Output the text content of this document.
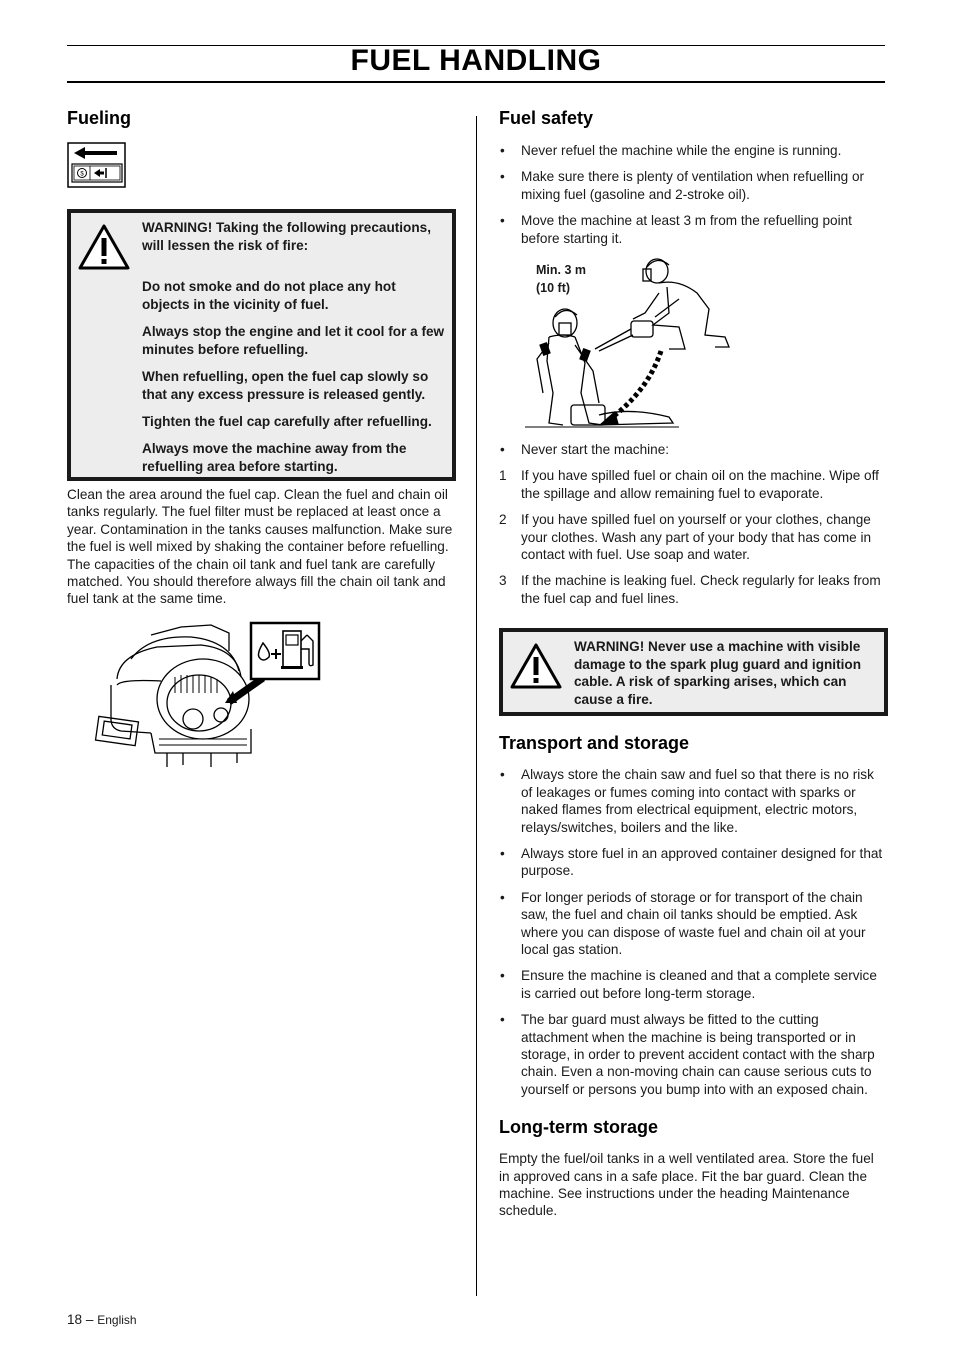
FUEL HANDLING
Fueling
$

WARNING! Taking the following precautions, will lessen the risk of fire:

Do not smoke and do not place any hot objects in the vicinity of fuel.

Always stop the engine and let it cool for a few minutes before refuelling.

When refuelling, open the fuel cap slowly so that any excess pressure is released gently.

Tighten the fuel cap carefully after refuelling.

Always move the machine away from the refuelling area before starting.

Clean the area around the fuel cap. Clean the fuel and chain oil tanks regularly. The fuel filter must be replaced at least once a year. Contamination in the tanks causes malfunction. Make sure the fuel is well mixed by shaking the container before refuelling. The capacities of the chain oil tank and fuel tank are carefully matched. You should therefore always fill the chain oil tank and fuel tank at the same time.

Fuel safety
• Never refuel the machine while the engine is running.
• Make sure there is plenty of ventilation when refuelling or mixing fuel (gasoline and 2-stroke oil).
• Move the machine at least 3 m from the refuelling point before starting it.
Min. 3 m
(10 ft)
• Never start the machine:
1 If you have spilled fuel or chain oil on the machine. Wipe off the spillage and allow remaining fuel to evaporate.
2 If you have spilled fuel on yourself or your clothes, change your clothes. Wash any part of your body that has come in contact with fuel. Use soap and water.
3 If the machine is leaking fuel. Check regularly for leaks from the fuel cap and fuel lines.

WARNING! Never use a machine with visible damage to the spark plug guard and ignition cable. A risk of sparking arises, which can cause a fire.

Transport and storage
• Always store the chain saw and fuel so that there is no risk of leakages or fumes coming into contact with sparks or naked flames from electrical equipment, electric motors, relays/switches, boilers and the like.
• Always store fuel in an approved container designed for that purpose.
• For longer periods of storage or for transport of the chain saw, the fuel and chain oil tanks should be emptied. Ask where you can dispose of waste fuel and chain oil at your local gas station.
• Ensure the machine is cleaned and that a complete service is carried out before long-term storage.
• The bar guard must always be fitted to the cutting attachment when the machine is being transported or in storage, in order to prevent accident contact with the sharp chain. Even a non-moving chain can cause serious cuts to yourself or persons you bump into with an exposed chain.
Long-term storage

Empty the fuel/oil tanks in a well ventilated area. Store the fuel in approved cans in a safe place. Fit the bar guard. Clean the machine. See instructions under the heading Maintenance schedule.

18 – English
